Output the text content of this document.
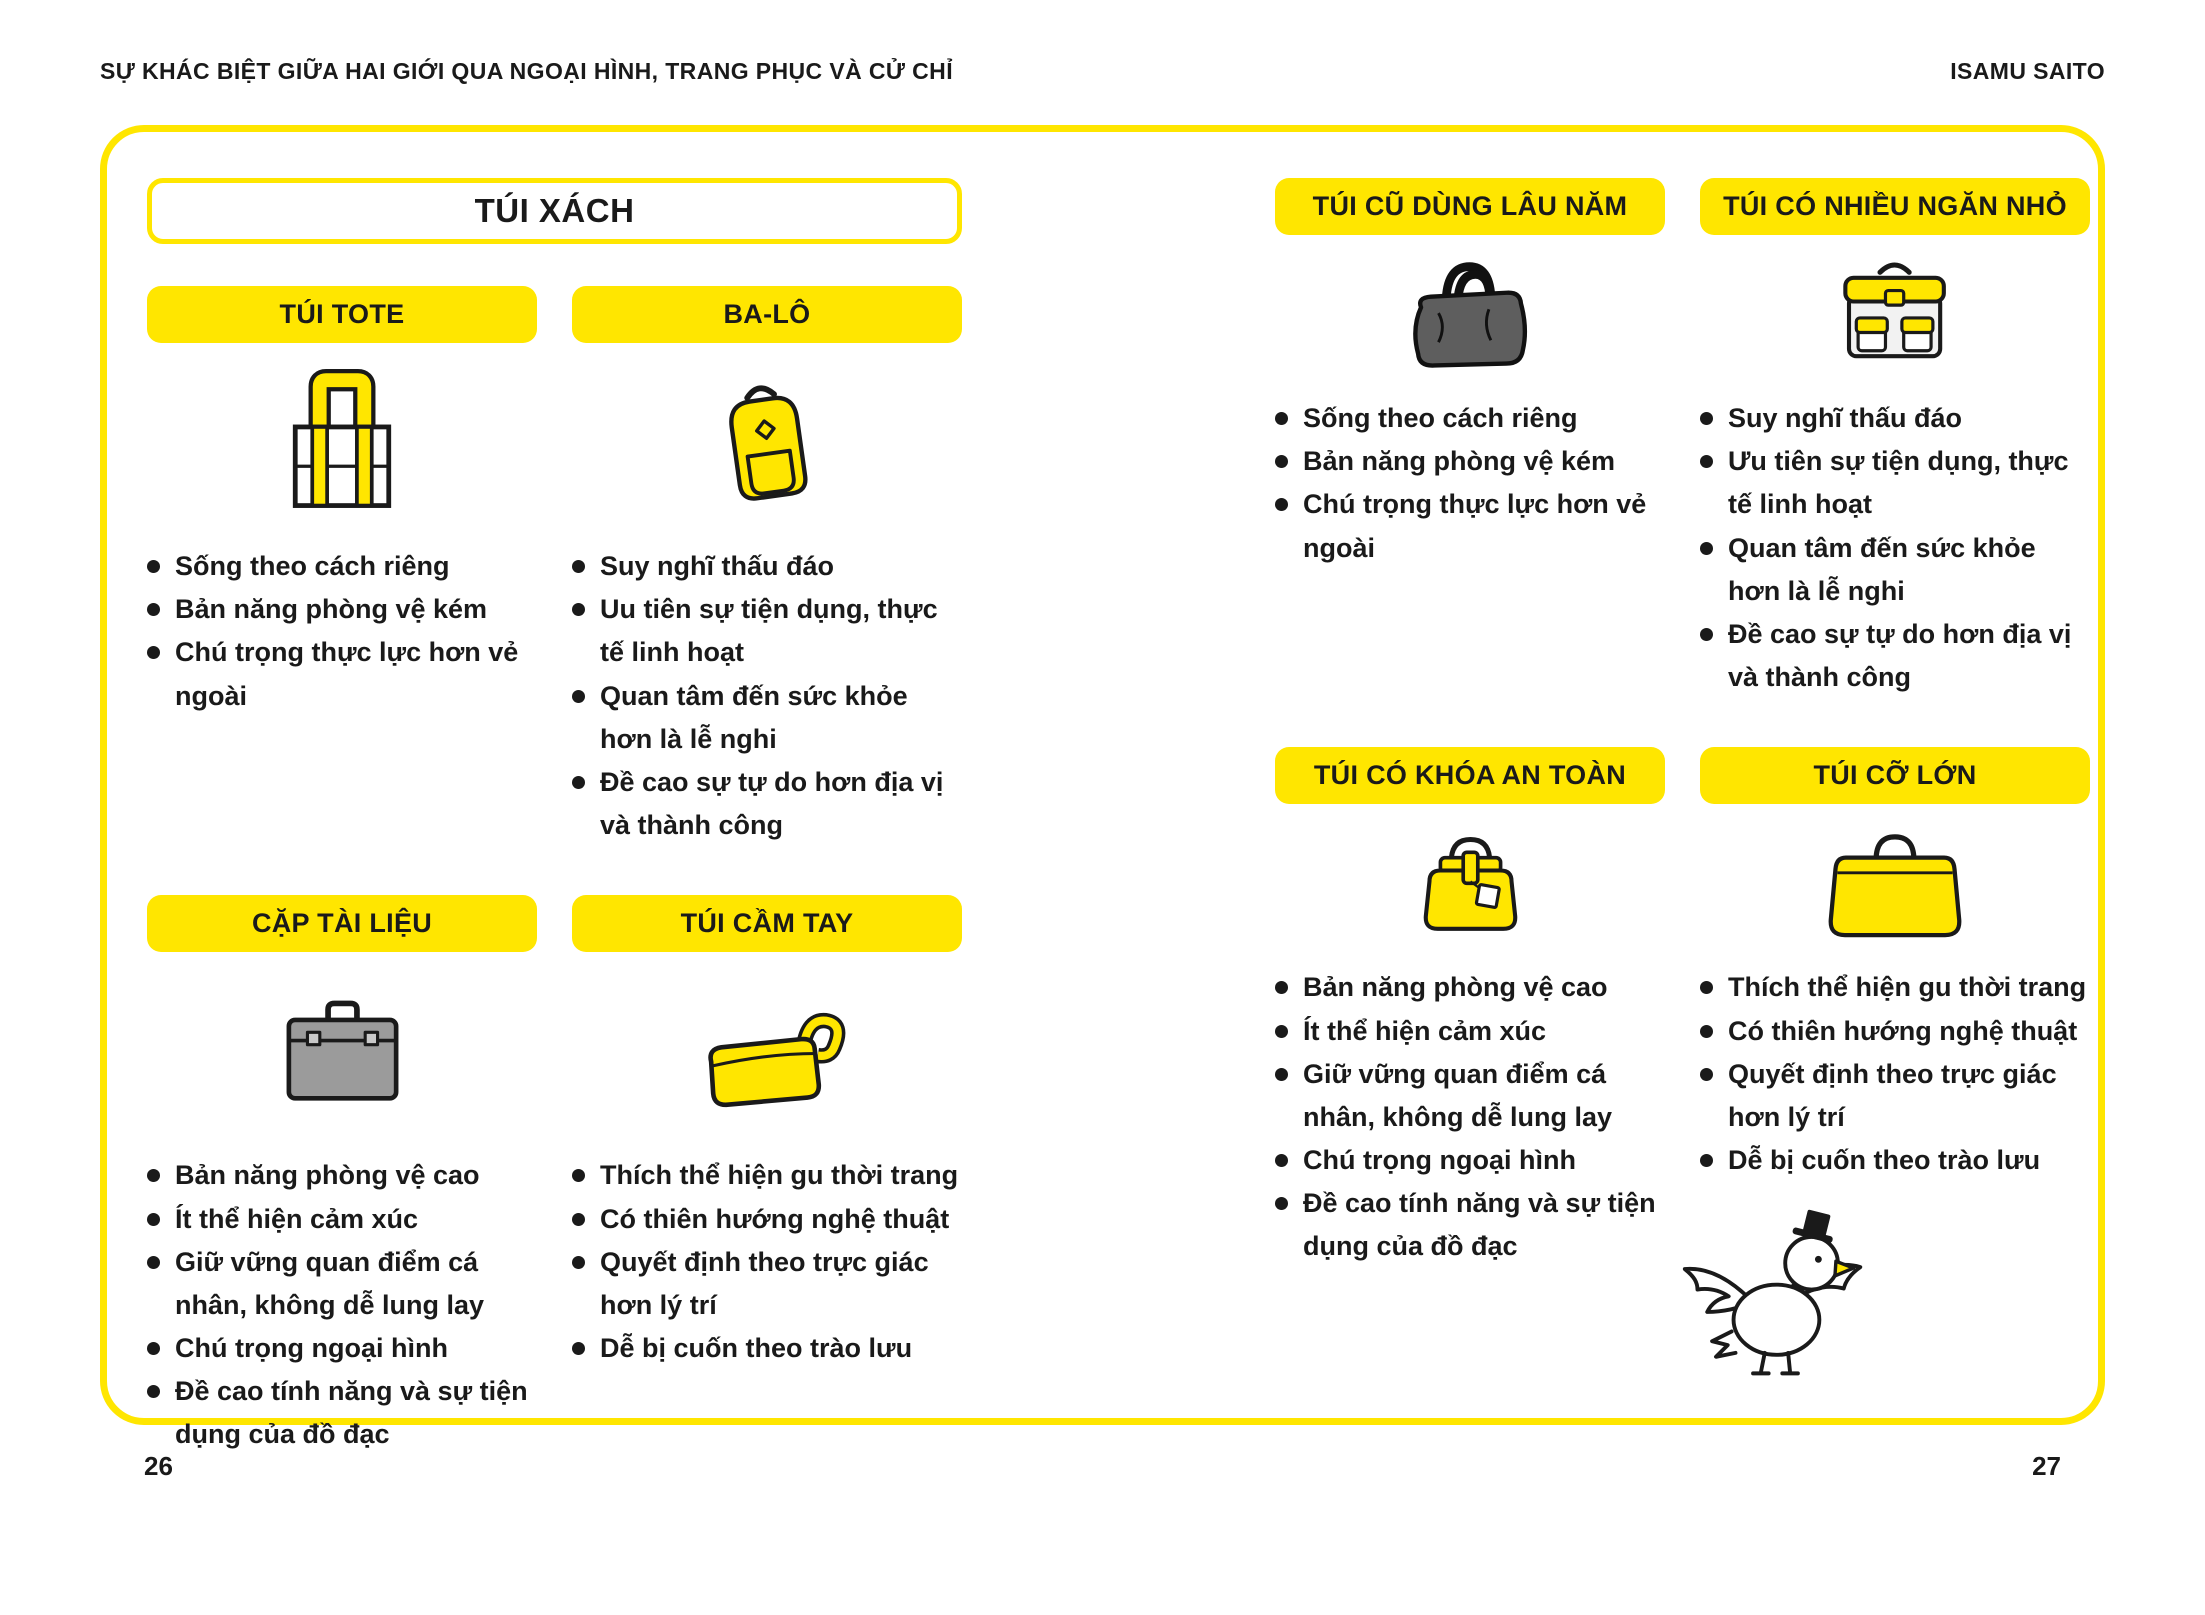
SỰ KHÁC BIỆT GIỮA HAI GIỚI QUA NGOẠI HÌNH, TRANG PHỤC VÀ CỬ CHỈ	ISAMU SAITO
TÚI XÁCH
TÚI TOTE
Sống theo cách riêng
Bản năng phòng vệ kém
Chú trọng thực lực hơn vẻ ngoài
BA-LÔ
Suy nghĩ thấu đáo
Uu tiên sự tiện dụng, thực tế linh hoạt
Quan tâm đến sức khỏe hơn là lễ nghi
Đề cao sự tự do hơn địa vị và thành công
CẶP TÀI LIỆU
Bản năng phòng vệ cao
Ít thể hiện cảm xúc
Giữ vững quan điểm cá nhân, không dễ lung lay
Chú trọng ngoại hình
Đề cao tính năng và sự tiện dụng của đồ đạc
TÚI CẦM TAY
Thích thể hiện gu thời trang
Có thiên hướng nghệ thuật
Quyết định theo trực giác hơn lý trí
Dễ bị cuốn theo trào lưu
TÚI CŨ DÙNG LÂU NĂM
Sống theo cách riêng
Bản năng phòng vệ kém
Chú trọng thực lực hơn vẻ ngoài
TÚI CÓ NHIỀU NGĂN NHỎ
Suy nghĩ thấu đáo
Ưu tiên sự tiện dụng, thực tế linh hoạt
Quan tâm đến sức khỏe hơn là lễ nghi
Đề cao sự tự do hơn địa vị và thành công
TÚI CÓ KHÓA AN TOÀN
Bản năng phòng vệ cao
Ít thể hiện cảm xúc
Giữ vững quan điểm cá nhân, không dễ lung lay
Chú trọng ngoại hình
Đề cao tính năng và sự tiện dụng của đồ đạc
TÚI CỠ LỚN
Thích thể hiện gu thời trang
Có thiên hướng nghệ thuật
Quyết định theo trực giác hơn lý trí
Dễ bị cuốn theo trào lưu
26	27
